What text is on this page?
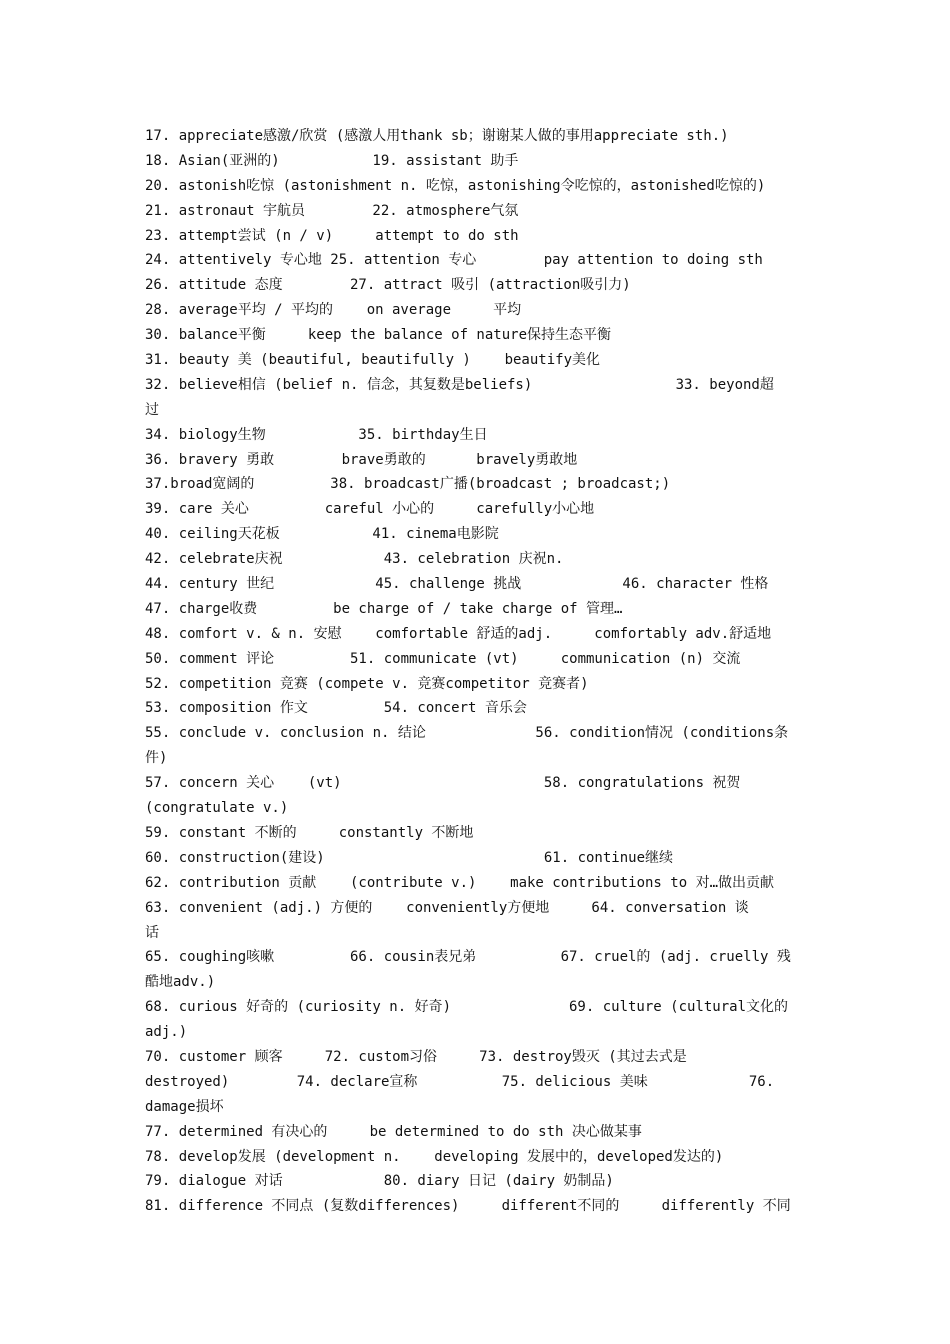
17. appreciate感激/欣赏 (感激人用thank sb；谢谢某人做的事用appreciate sth.)
18. Asian(亚洲的)           19. assistant 助手
20. astonish吃惊 (astonishment n. 吃惊，astonishing令吃惊的，astonished吃惊的)
21. astronaut 宇航员        22. atmosphere气氛
23. attempt尝试 (n / v)     attempt to do sth
24. attentively 专心地 25. attention 专心        pay attention to doing sth
26. attitude 态度        27. attract 吸引 (attraction吸引力)
28. average平均 / 平均的    on average     平均
30. balance平衡     keep the balance of nature保持生态平衡
31. beauty 美 (beautiful, beautifully )    beautify美化
32. believe相信 (belief n. 信念，其复数是beliefs)                 33. beyond超
过
34. biology生物           35. birthday生日
36. bravery 勇敢        brave勇敢的      bravely勇敢地
37.broad宽阔的         38. broadcast广播(broadcast ; broadcast;)
39. care 关心         careful 小心的     carefully小心地
40. ceiling天花板           41. cinema电影院
42. celebrate庆祝            43. celebration 庆祝n.
44. century 世纪            45. challenge 挑战            46. character 性格
47. charge收费         be charge of / take charge of 管理…
48. comfort v. & n. 安慰    comfortable 舒适的adj.     comfortably adv.舒适地
50. comment 评论         51. communicate (vt)     communication (n) 交流
52. competition 竞赛 (compete v. 竞赛competitor 竞赛者)
53. composition 作文         54. concert 音乐会
55. conclude v. conclusion n. 结论             56. condition情况 (conditions条
件)
57. concern 关心    (vt)                        58. congratulations 祝贺
(congratulate v.)
59. constant 不断的     constantly 不断地
60. construction(建设)                          61. continue继续
62. contribution 贡献    (contribute v.)    make contributions to 对…做出贡献
63. convenient (adj.) 方便的    conveniently方便地     64. conversation 谈
话
65. coughing咳嗽         66. cousin表兄弟          67. cruel的 (adj. cruelly 残
酷地adv.)
68. curious 好奇的 (curiosity n. 好奇)              69. culture (cultural文化的
adj.)
70. customer 顾客     72. custom习俗     73. destroy毁灭 (其过去式是
destroyed)        74. declare宣称          75. delicious 美味            76.
damage损坏
77. determined 有决心的     be determined to do sth 决心做某事
78. develop发展 (development n.    developing 发展中的，developed发达的)
79. dialogue 对话            80. diary 日记 (dairy 奶制品)
81. difference 不同点 (复数differences)     different不同的     differently 不同
